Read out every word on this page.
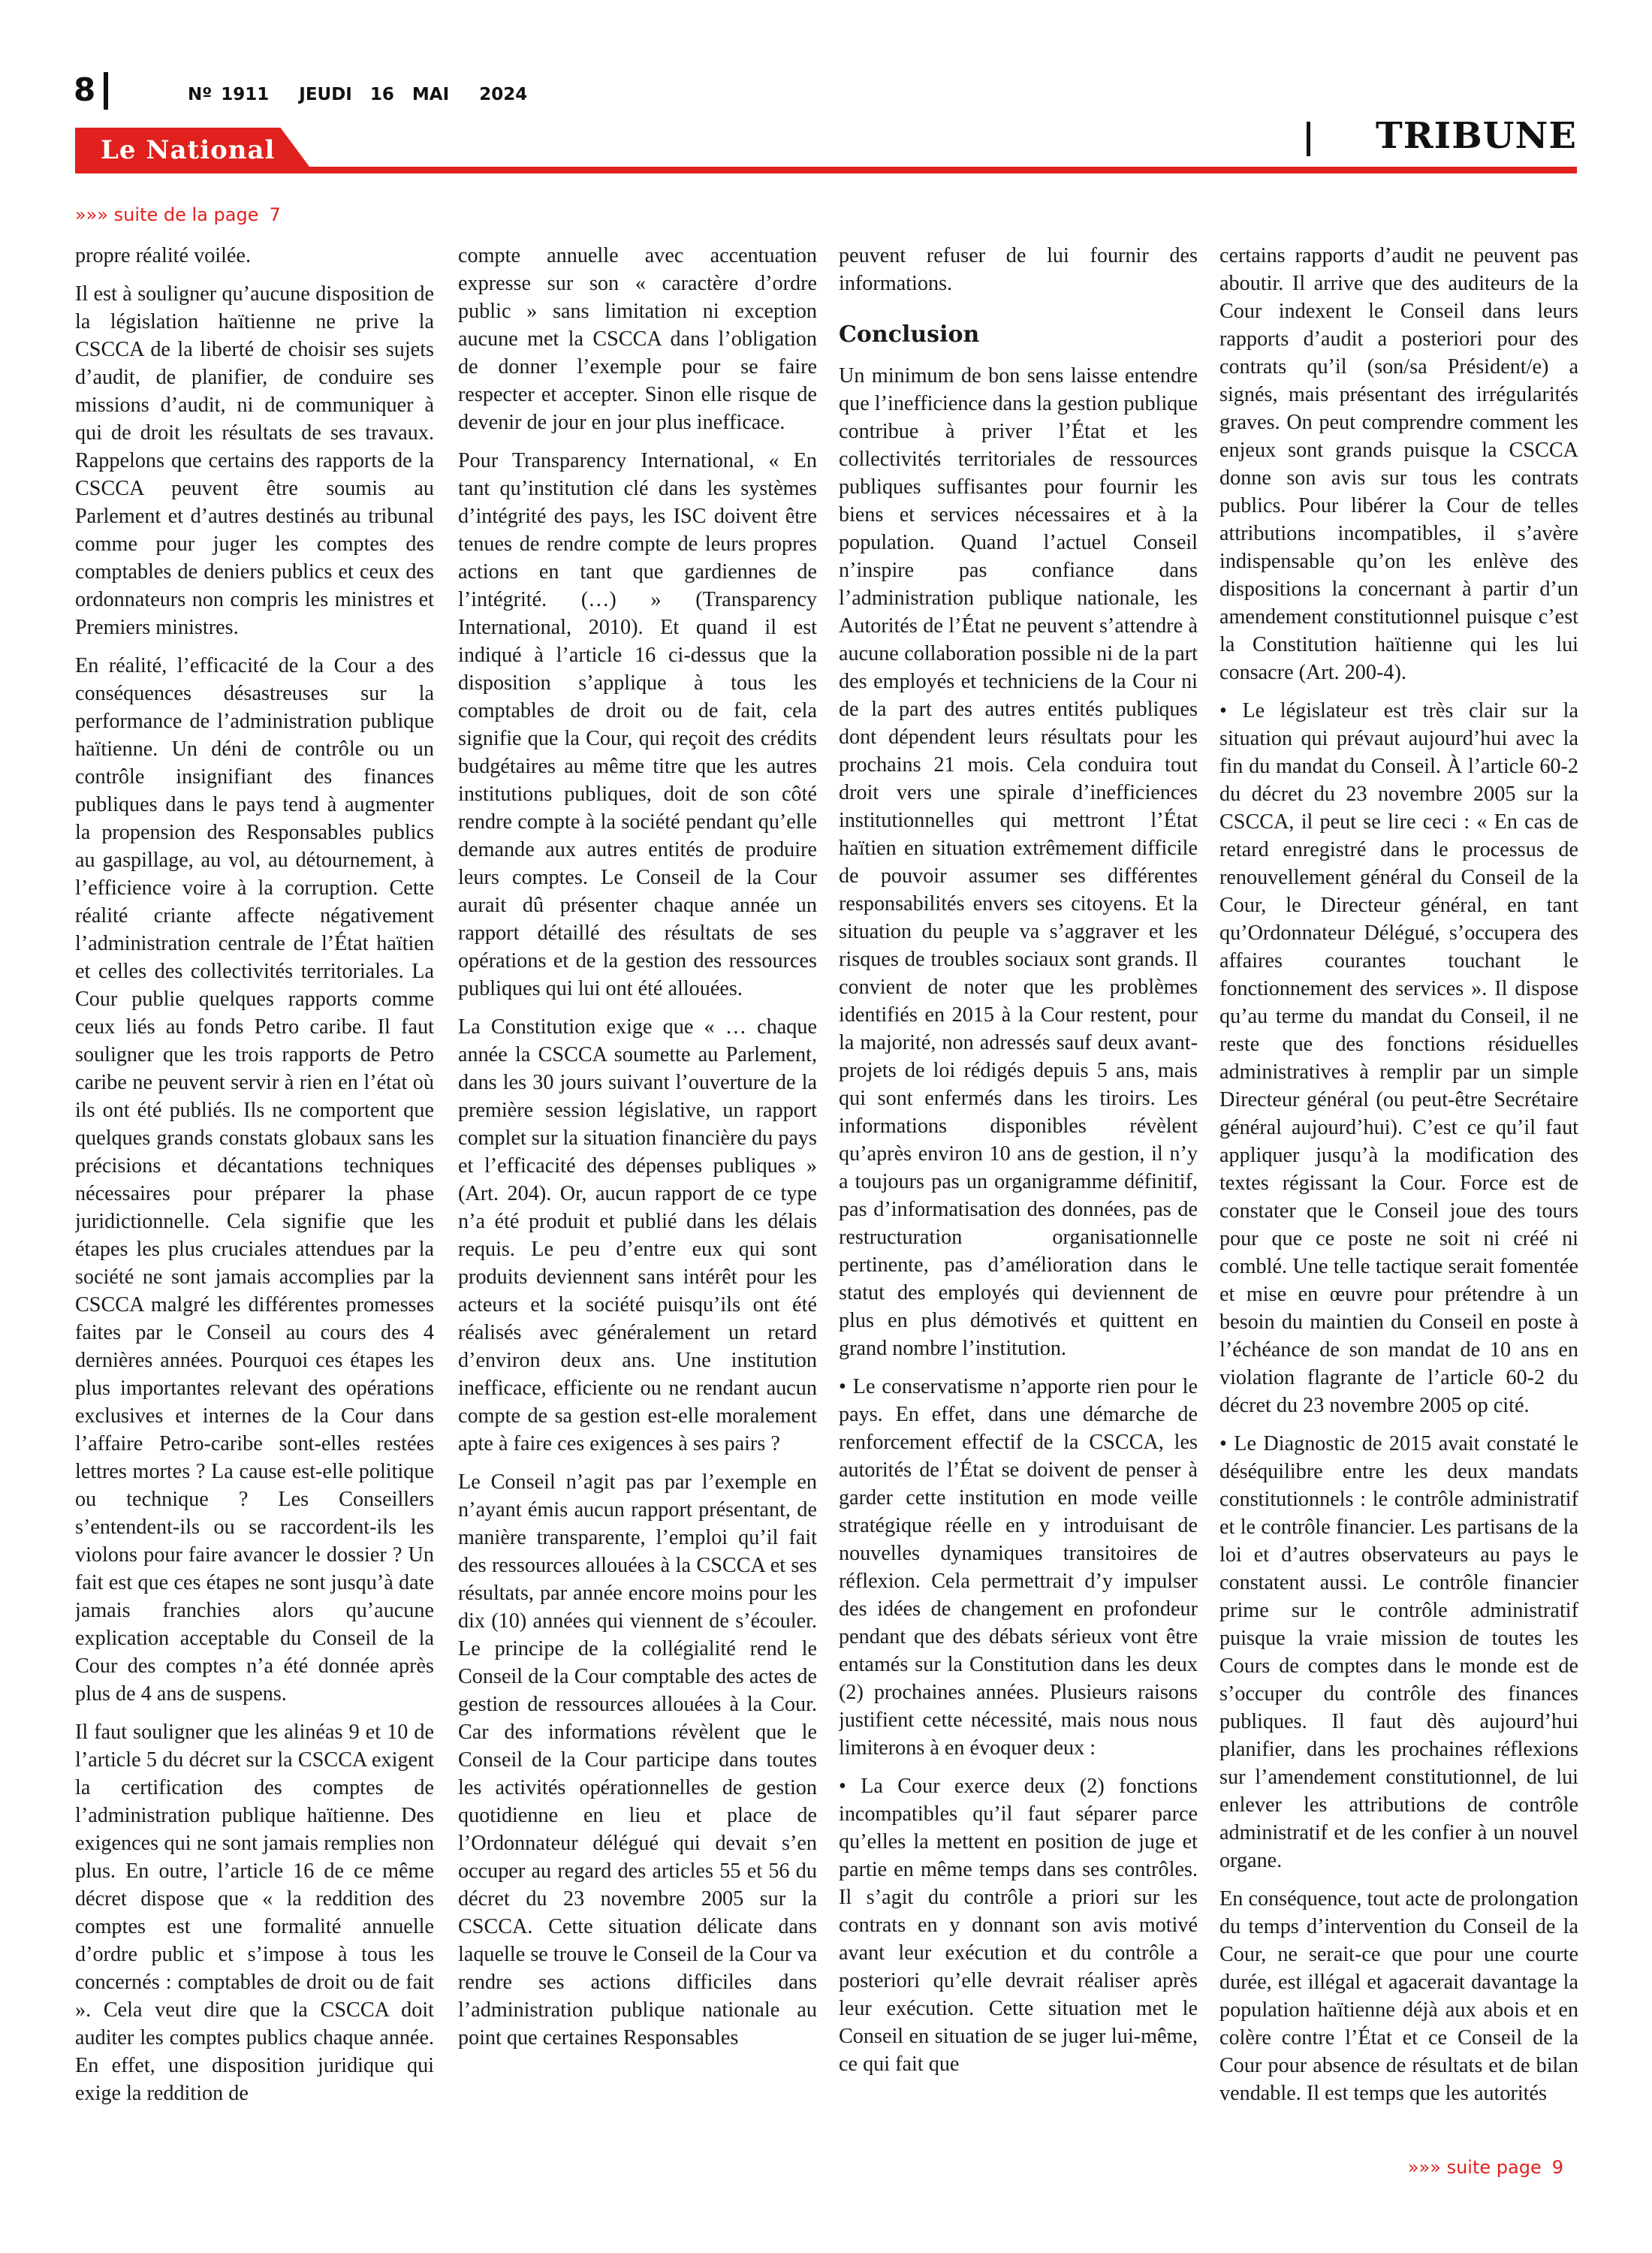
8	Nº 1911 JEUDI 16 MAI 2024
Le National	TRIBUNE
»»» suite de la page 7

propre réalité voilée.

Il est à souligner qu’aucune disposition de la législation haïtienne ne prive la CSCCA de la liberté de choisir ses sujets d’audit, de planifier, de conduire ses missions d’audit, ni de communiquer à qui de droit les résultats de ses travaux. Rappelons que certains des rapports de la CSCCA peuvent être soumis au Parlement et d’autres destinés au tribunal comme pour juger les comptes des comptables de deniers publics et ceux des ordonnateurs non compris les ministres et Premiers ministres.

En réalité, l’efficacité de la Cour a des conséquences désastreuses sur la performance de l’administration publique haïtienne. Un déni de contrôle ou un contrôle insignifiant des finances publiques dans le pays tend à augmenter la propension des Responsables publics au gaspillage, au vol, au détournement, à l’efficience voire à la corruption. Cette réalité criante affecte négativement l’administration centrale de l’État haïtien et celles des collectivités territoriales. La Cour publie quelques rapports comme ceux liés au fonds Petro caribe. Il faut souligner que les trois rapports de Petro caribe ne peuvent servir à rien en l’état où ils ont été publiés. Ils ne comportent que quelques grands constats globaux sans les précisions et décantations techniques nécessaires pour préparer la phase juridictionnelle. Cela signifie que les étapes les plus cruciales attendues par la société ne sont jamais accomplies par la CSCCA malgré les différentes promesses faites par le Conseil au cours des 4 dernières années. Pourquoi ces étapes les plus importantes relevant des opérations exclusives et internes de la Cour dans l’affaire Petro-caribe sont-elles restées lettres mortes ? La cause est-elle politique ou technique ? Les Conseillers s’entendent-ils ou se raccordent-ils les violons pour faire avancer le dossier ? Un fait est que ces étapes ne sont jusqu’à date jamais franchies alors qu’aucune explication acceptable du Conseil de la Cour des comptes n’a été donnée après plus de 4 ans de suspens.

Il faut souligner que les alinéas 9 et 10 de l’article 5 du décret sur la CSCCA exigent la certification des comptes de l’administration publique haïtienne. Des exigences qui ne sont jamais remplies non plus. En outre, l’article 16 de ce même décret dispose que « la reddition des comptes est une formalité annuelle d’ordre public et s’impose à tous les concernés : comptables de droit ou de fait ». Cela veut dire que la CSCCA doit auditer les comptes publics chaque année. En effet, une disposition juridique qui exige la reddition de

compte annuelle avec accentuation expresse sur son « caractère d’ordre public » sans limitation ni exception aucune met la CSCCA dans l’obligation de donner l’exemple pour se faire respecter et accepter. Sinon elle risque de devenir de jour en jour plus inefficace.

Pour Transparency International, « En tant qu’institution clé dans les systèmes d’intégrité des pays, les ISC doivent être tenues de rendre compte de leurs propres actions en tant que gardiennes de l’intégrité. (…) » (Transparency International, 2010). Et quand il est indiqué à l’article 16 ci-dessus que la disposition s’applique à tous les comptables de droit ou de fait, cela signifie que la Cour, qui reçoit des crédits budgétaires au même titre que les autres institutions publiques, doit de son côté rendre compte à la société pendant qu’elle demande aux autres entités de produire leurs comptes. Le Conseil de la Cour aurait dû présenter chaque année un rapport détaillé des résultats de ses opérations et de la gestion des ressources publiques qui lui ont été allouées.

La Constitution exige que « … chaque année la CSCCA soumette au Parlement, dans les 30 jours suivant l’ouverture de la première session législative, un rapport complet sur la situation financière du pays et l’efficacité des dépenses publiques » (Art. 204). Or, aucun rapport de ce type n’a été produit et publié dans les délais requis. Le peu d’entre eux qui sont produits deviennent sans intérêt pour les acteurs et la société puisqu’ils ont été réalisés avec généralement un retard d’environ deux ans. Une institution inefficace, efficiente ou ne rendant aucun compte de sa gestion est-elle moralement apte à faire ces exigences à ses pairs ?

Le Conseil n’agit pas par l’exemple en n’ayant émis aucun rapport présentant, de manière transparente, l’emploi qu’il fait des ressources allouées à la CSCCA et ses résultats, par année encore moins pour les dix (10) années qui viennent de s’écouler. Le principe de la collégialité rend le Conseil de la Cour comptable des actes de gestion de ressources allouées à la Cour. Car des informations révèlent que le Conseil de la Cour participe dans toutes les activités opérationnelles de gestion quotidienne en lieu et place de l’Ordonnateur délégué qui devait s’en occuper au regard des articles 55 et 56 du décret du 23 novembre 2005 sur la CSCCA. Cette situation délicate dans laquelle se trouve le Conseil de la Cour va rendre ses actions difficiles dans l’administration publique nationale au point que certaines Responsables

peuvent refuser de lui fournir des informations.

Conclusion

Un minimum de bon sens laisse entendre que l’inefficience dans la gestion publique contribue à priver l’État et les collectivités territoriales de ressources publiques suffisantes pour fournir les biens et services nécessaires et à la population. Quand l’actuel Conseil n’inspire pas confiance dans l’administration publique nationale, les Autorités de l’État ne peuvent s’attendre à aucune collaboration possible ni de la part des employés et techniciens de la Cour ni de la part des autres entités publiques dont dépendent leurs résultats pour les prochains 21 mois. Cela conduira tout droit vers une spirale d’inefficiences institutionnelles qui mettront l’État haïtien en situation extrêmement difficile de pouvoir assumer ses différentes responsabilités envers ses citoyens. Et la situation du peuple va s’aggraver et les risques de troubles sociaux sont grands. Il convient de noter que les problèmes identifiés en 2015 à la Cour restent, pour la majorité, non adressés sauf deux avant-projets de loi rédigés depuis 5 ans, mais qui sont enfermés dans les tiroirs. Les informations disponibles révèlent qu’après environ 10 ans de gestion, il n’y a toujours pas un organigramme définitif, pas d’informatisation des données, pas de restructuration organisationnelle pertinente, pas d’amélioration dans le statut des employés qui deviennent de plus en plus démotivés et quittent en grand nombre l’institution.

• Le conservatisme n’apporte rien pour le pays. En effet, dans une démarche de renforcement effectif de la CSCCA, les autorités de l’État se doivent de penser à garder cette institution en mode veille stratégique réelle en y introduisant de nouvelles dynamiques transitoires de réflexion. Cela permettrait d’y impulser des idées de changement en profondeur pendant que des débats sérieux vont être entamés sur la Constitution dans les deux (2) prochaines années. Plusieurs raisons justifient cette nécessité, mais nous nous limiterons à en évoquer deux :

• La Cour exerce deux (2) fonctions incompatibles qu’il faut séparer parce qu’elles la mettent en position de juge et partie en même temps dans ses contrôles. Il s’agit du contrôle a priori sur les contrats en y donnant son avis motivé avant leur exécution et du contrôle a posteriori qu’elle devrait réaliser après leur exécution. Cette situation met le Conseil en situation de se juger lui-même, ce qui fait que

certains rapports d’audit ne peuvent pas aboutir. Il arrive que des auditeurs de la Cour indexent le Conseil dans leurs rapports d’audit a posteriori pour des contrats qu’il (son/sa Président/e) a signés, mais présentant des irrégularités graves. On peut comprendre comment les enjeux sont grands puisque la CSCCA donne son avis sur tous les contrats publics. Pour libérer la Cour de telles attributions incompatibles, il s’avère indispensable qu’on les enlève des dispositions la concernant à partir d’un amendement constitutionnel puisque c’est la Constitution haïtienne qui les lui consacre (Art. 200-4).

• Le législateur est très clair sur la situation qui prévaut aujourd’hui avec la fin du mandat du Conseil. À l’article 60-2 du décret du 23 novembre 2005 sur la CSCCA, il peut se lire ceci : « En cas de retard enregistré dans le processus de renouvellement général du Conseil de la Cour, le Directeur général, en tant qu’Ordonnateur Délégué, s’occupera des affaires courantes touchant le fonctionnement des services ». Il dispose qu’au terme du mandat du Conseil, il ne reste que des fonctions résiduelles administratives à remplir par un simple Directeur général (ou peut-être Secrétaire général aujourd’hui). C’est ce qu’il faut appliquer jusqu’à la modification des textes régissant la Cour. Force est de constater que le Conseil joue des tours pour que ce poste ne soit ni créé ni comblé. Une telle tactique serait fomentée et mise en œuvre pour prétendre à un besoin du maintien du Conseil en poste à l’échéance de son mandat de 10 ans en violation flagrante de l’article 60-2 du décret du 23 novembre 2005 op cité.

• Le Diagnostic de 2015 avait constaté le déséquilibre entre les deux mandats constitutionnels : le contrôle administratif et le contrôle financier. Les partisans de la loi et d’autres observateurs au pays le constatent aussi. Le contrôle financier prime sur le contrôle administratif puisque la vraie mission de toutes les Cours de comptes dans le monde est de s’occuper du contrôle des finances publiques. Il faut dès aujourd’hui planifier, dans les prochaines réflexions sur l’amendement constitutionnel, de lui enlever les attributions de contrôle administratif et de les confier à un nouvel organe.

En conséquence, tout acte de prolongation du temps d’intervention du Conseil de la Cour, ne serait-ce que pour une courte durée, est illégal et agacerait davantage la population haïtienne déjà aux abois et en colère contre l’État et ce Conseil de la Cour pour absence de résultats et de bilan vendable. Il est temps que les autorités

»»» suite page 9
